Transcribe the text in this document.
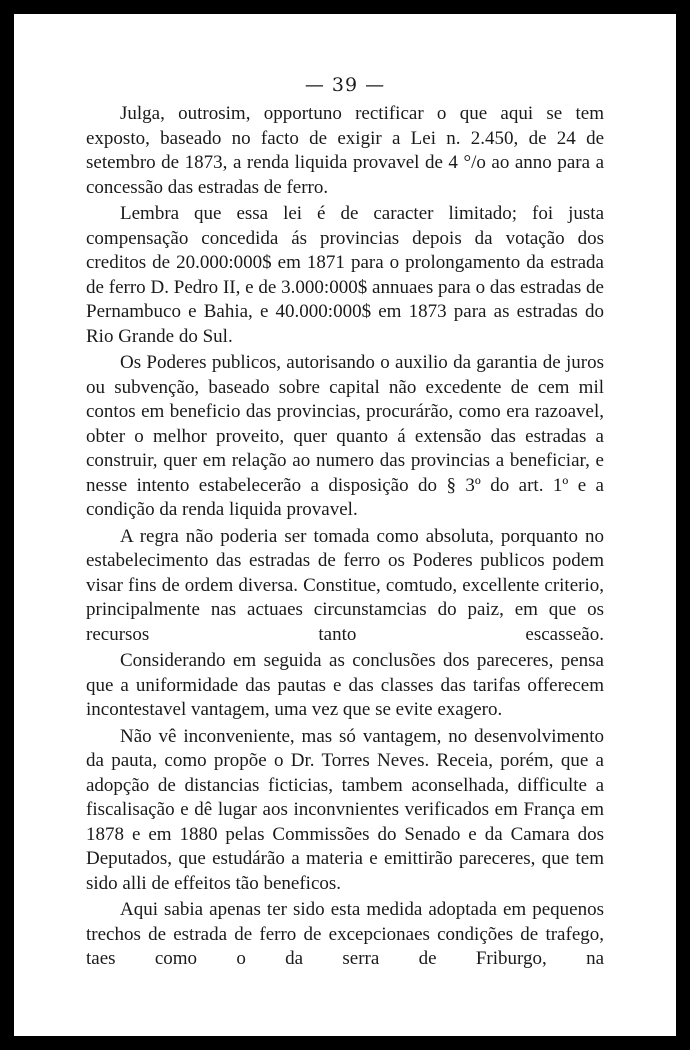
— 39 —

Julga, outrosim, opportuno rectificar o que aqui se tem exposto, baseado no facto de exigir a Lei n. 2.450, de 24 de setembro de 1873, a renda liquida provavel de 4 °/o ao anno para a concessão das estradas de ferro.

Lembra que essa lei é de caracter limitado; foi justa compensação concedida ás provincias depois da votação dos creditos de 20.000:000$ em 1871 para o prolongamento da estrada de ferro D. Pedro II, e de 3.000:000$ annuaes para o das estradas de Pernambuco e Bahia, e 40.000:000$ em 1873 para as estradas do Rio Grande do Sul.

Os Poderes publicos, autorisando o auxilio da garantia de juros ou subvenção, baseado sobre capital não excedente de cem mil contos em beneficio das provincias, procurárão, como era razoavel, obter o melhor proveito, quer quanto á extensão das estradas a construir, quer em relação ao numero das provincias a beneficiar, e nesse intento estabelecerão a disposição do § 3º do art. 1º e a condição da renda liquida provavel.

A regra não poderia ser tomada como absoluta, porquanto no estabelecimento das estradas de ferro os Poderes publicos podem visar fins de ordem diversa. Constitue, comtudo, excellente criterio, principalmente nas actuaes circunstamcias do paiz, em que os recursos tanto escasseão.

Considerando em seguida as conclusões dos pareceres, pensa que a uniformidade das pautas e das classes das tarifas offerecem incontestavel vantagem, uma vez que se evite exagero.

Não vê inconveniente, mas só vantagem, no desenvolvimento da pauta, como propõe o Dr. Torres Neves. Receia, porém, que a adopção de distancias ficticias, tambem aconselhada, difficulte a fiscalisação e dê lugar aos inconvnientes verificados em França em 1878 e em 1880 pelas Commissões do Senado e da Camara dos Deputados, que estudárão a materia e emittirão pareceres, que tem sido alli de effeitos tão beneficos.

Aqui sabia apenas ter sido esta medida adoptada em pequenos trechos de estrada de ferro de excepcionaes condições de trafego, taes como o da serra de Friburgo, na
